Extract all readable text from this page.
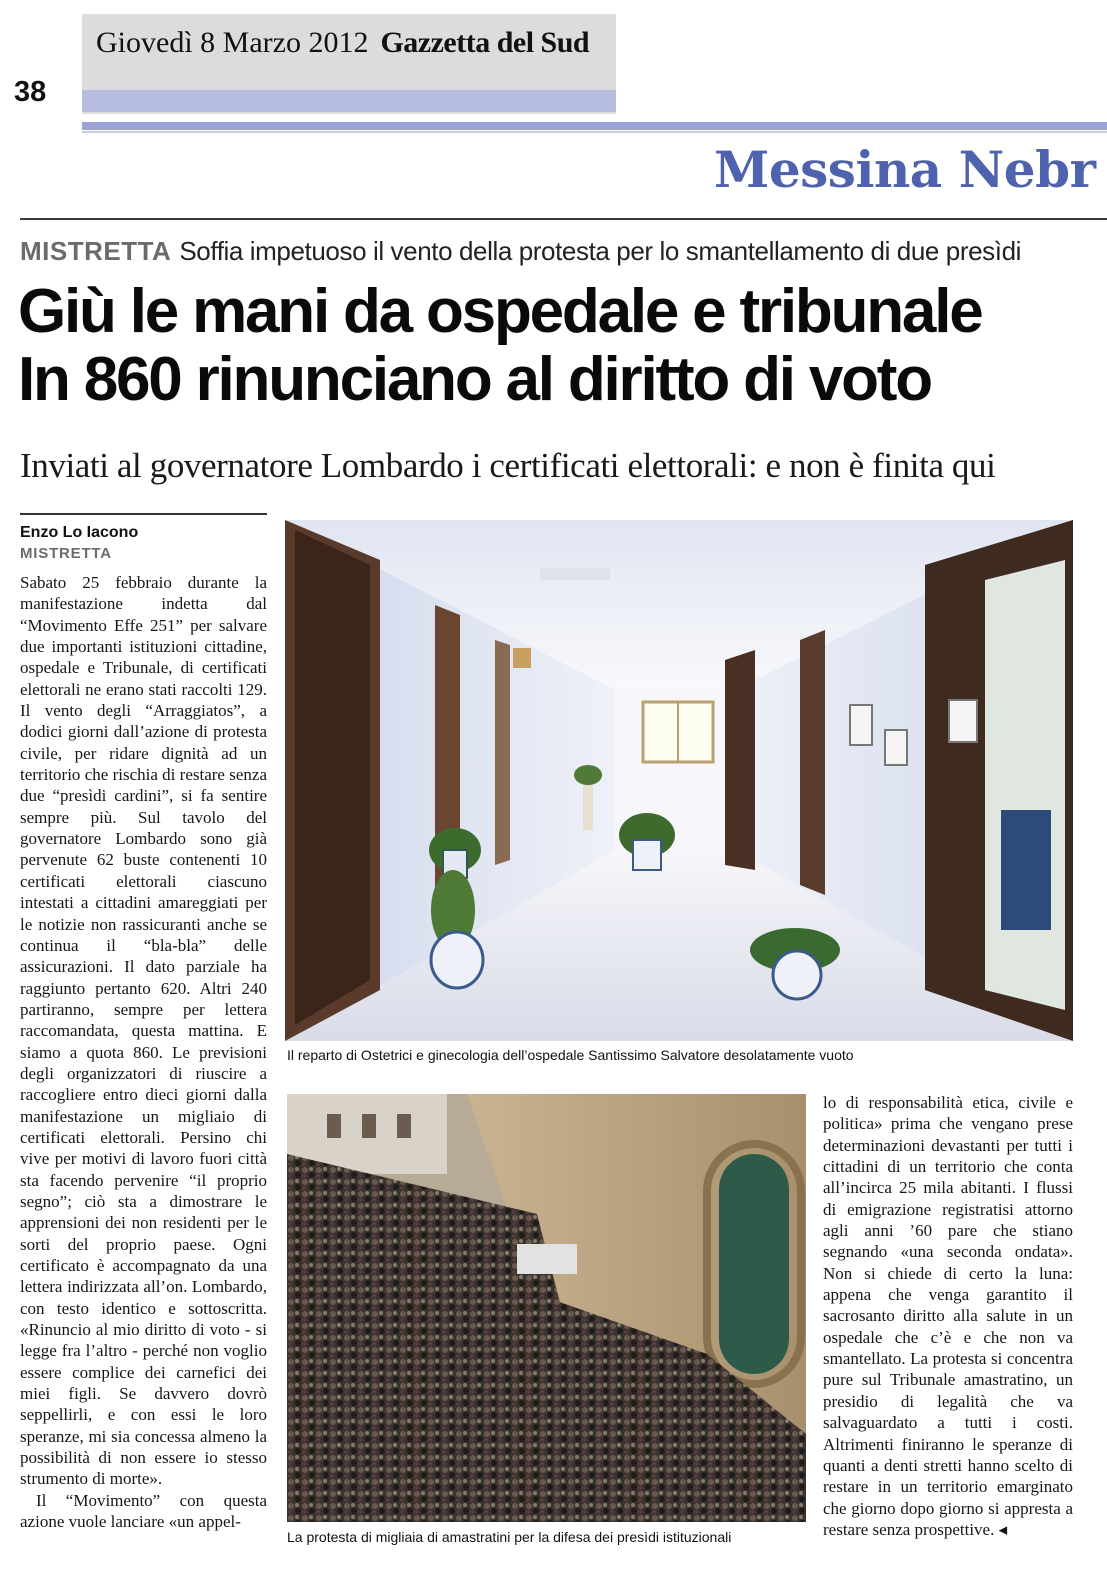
Giovedì 8 Marzo 2012 Gazzetta del Sud
38
Messina Nebr
MISTRETTA Soffia impetuoso il vento della protesta per lo smantellamento di due presìdi
Giù le mani da ospedale e tribunale
In 860 rinunciano al diritto di voto
Inviati al governatore Lombardo i certificati elettorali: e non è finita qui
Enzo Lo Iacono
MISTRETTA

Sabato 25 febbraio durante la manifestazione indetta dal “Movimento Effe 251” per salvare due importanti istituzioni cittadine, ospedale e Tribunale, di certificati elettorali ne erano stati raccolti 129. Il vento degli “Arraggiatos”, a dodici giorni dall’azione di protesta civile, per ridare dignità ad un territorio che rischia di restare senza due “presìdi cardini”, si fa sentire sempre più. Sul tavolo del governatore Lombardo sono già pervenute 62 buste contenenti 10 certificati elettorali ciascuno intestati a cittadini amareggiati per le notizie non rassicuranti anche se continua il “bla-bla” delle assicurazioni. Il dato parziale ha raggiunto pertanto 620. Altri 240 partiranno, sempre per lettera raccomandata, questa mattina. E siamo a quota 860. Le previsioni degli organizzatori di riuscire a raccogliere entro dieci giorni dalla manifestazione un migliaio di certificati elettorali. Persino chi vive per motivi di lavoro fuori città sta facendo pervenire “il proprio segno”; ciò sta a dimostrare le apprensioni dei non residenti per le sorti del proprio paese. Ogni certificato è accompagnato da una lettera indirizzata all’on. Lombardo, con testo identico e sottoscritta. «Rinuncio al mio diritto di voto - si legge fra l’altro - perché non voglio essere complice dei carnefici dei miei figli. Se davvero dovrò seppellirli, e con essi le loro speranze, mi sia concessa almeno la possibilità di non essere io stesso strumento di morte».

Il “Movimento” con questa azione vuole lanciare «un appel-

Il reparto di Ostetrici e ginecologia dell’ospedale Santissimo Salvatore desolatamente vuoto
La protesta di migliaia di amastratini per la difesa dei presìdi istituzionali

lo di responsabilità etica, civile e politica» prima che vengano prese determinazioni devastanti per tutti i cittadini di un territorio che conta all’incirca 25 mila abitanti. I flussi di emigrazione registratisi attorno agli anni ’60 pare che stiano segnando «una seconda ondata». Non si chiede di certo la luna: appena che venga garantito il sacrosanto diritto alla salute in un ospedale che c’è e che non va smantellato. La protesta si concentra pure sul Tribunale amastratino, un presidio di legalità che va salvaguardato a tutti i costi. Altrimenti finiranno le speranze di quanti a denti stretti hanno scelto di restare in un territorio emarginato che giorno dopo giorno si appresta a restare senza prospettive. ◂
